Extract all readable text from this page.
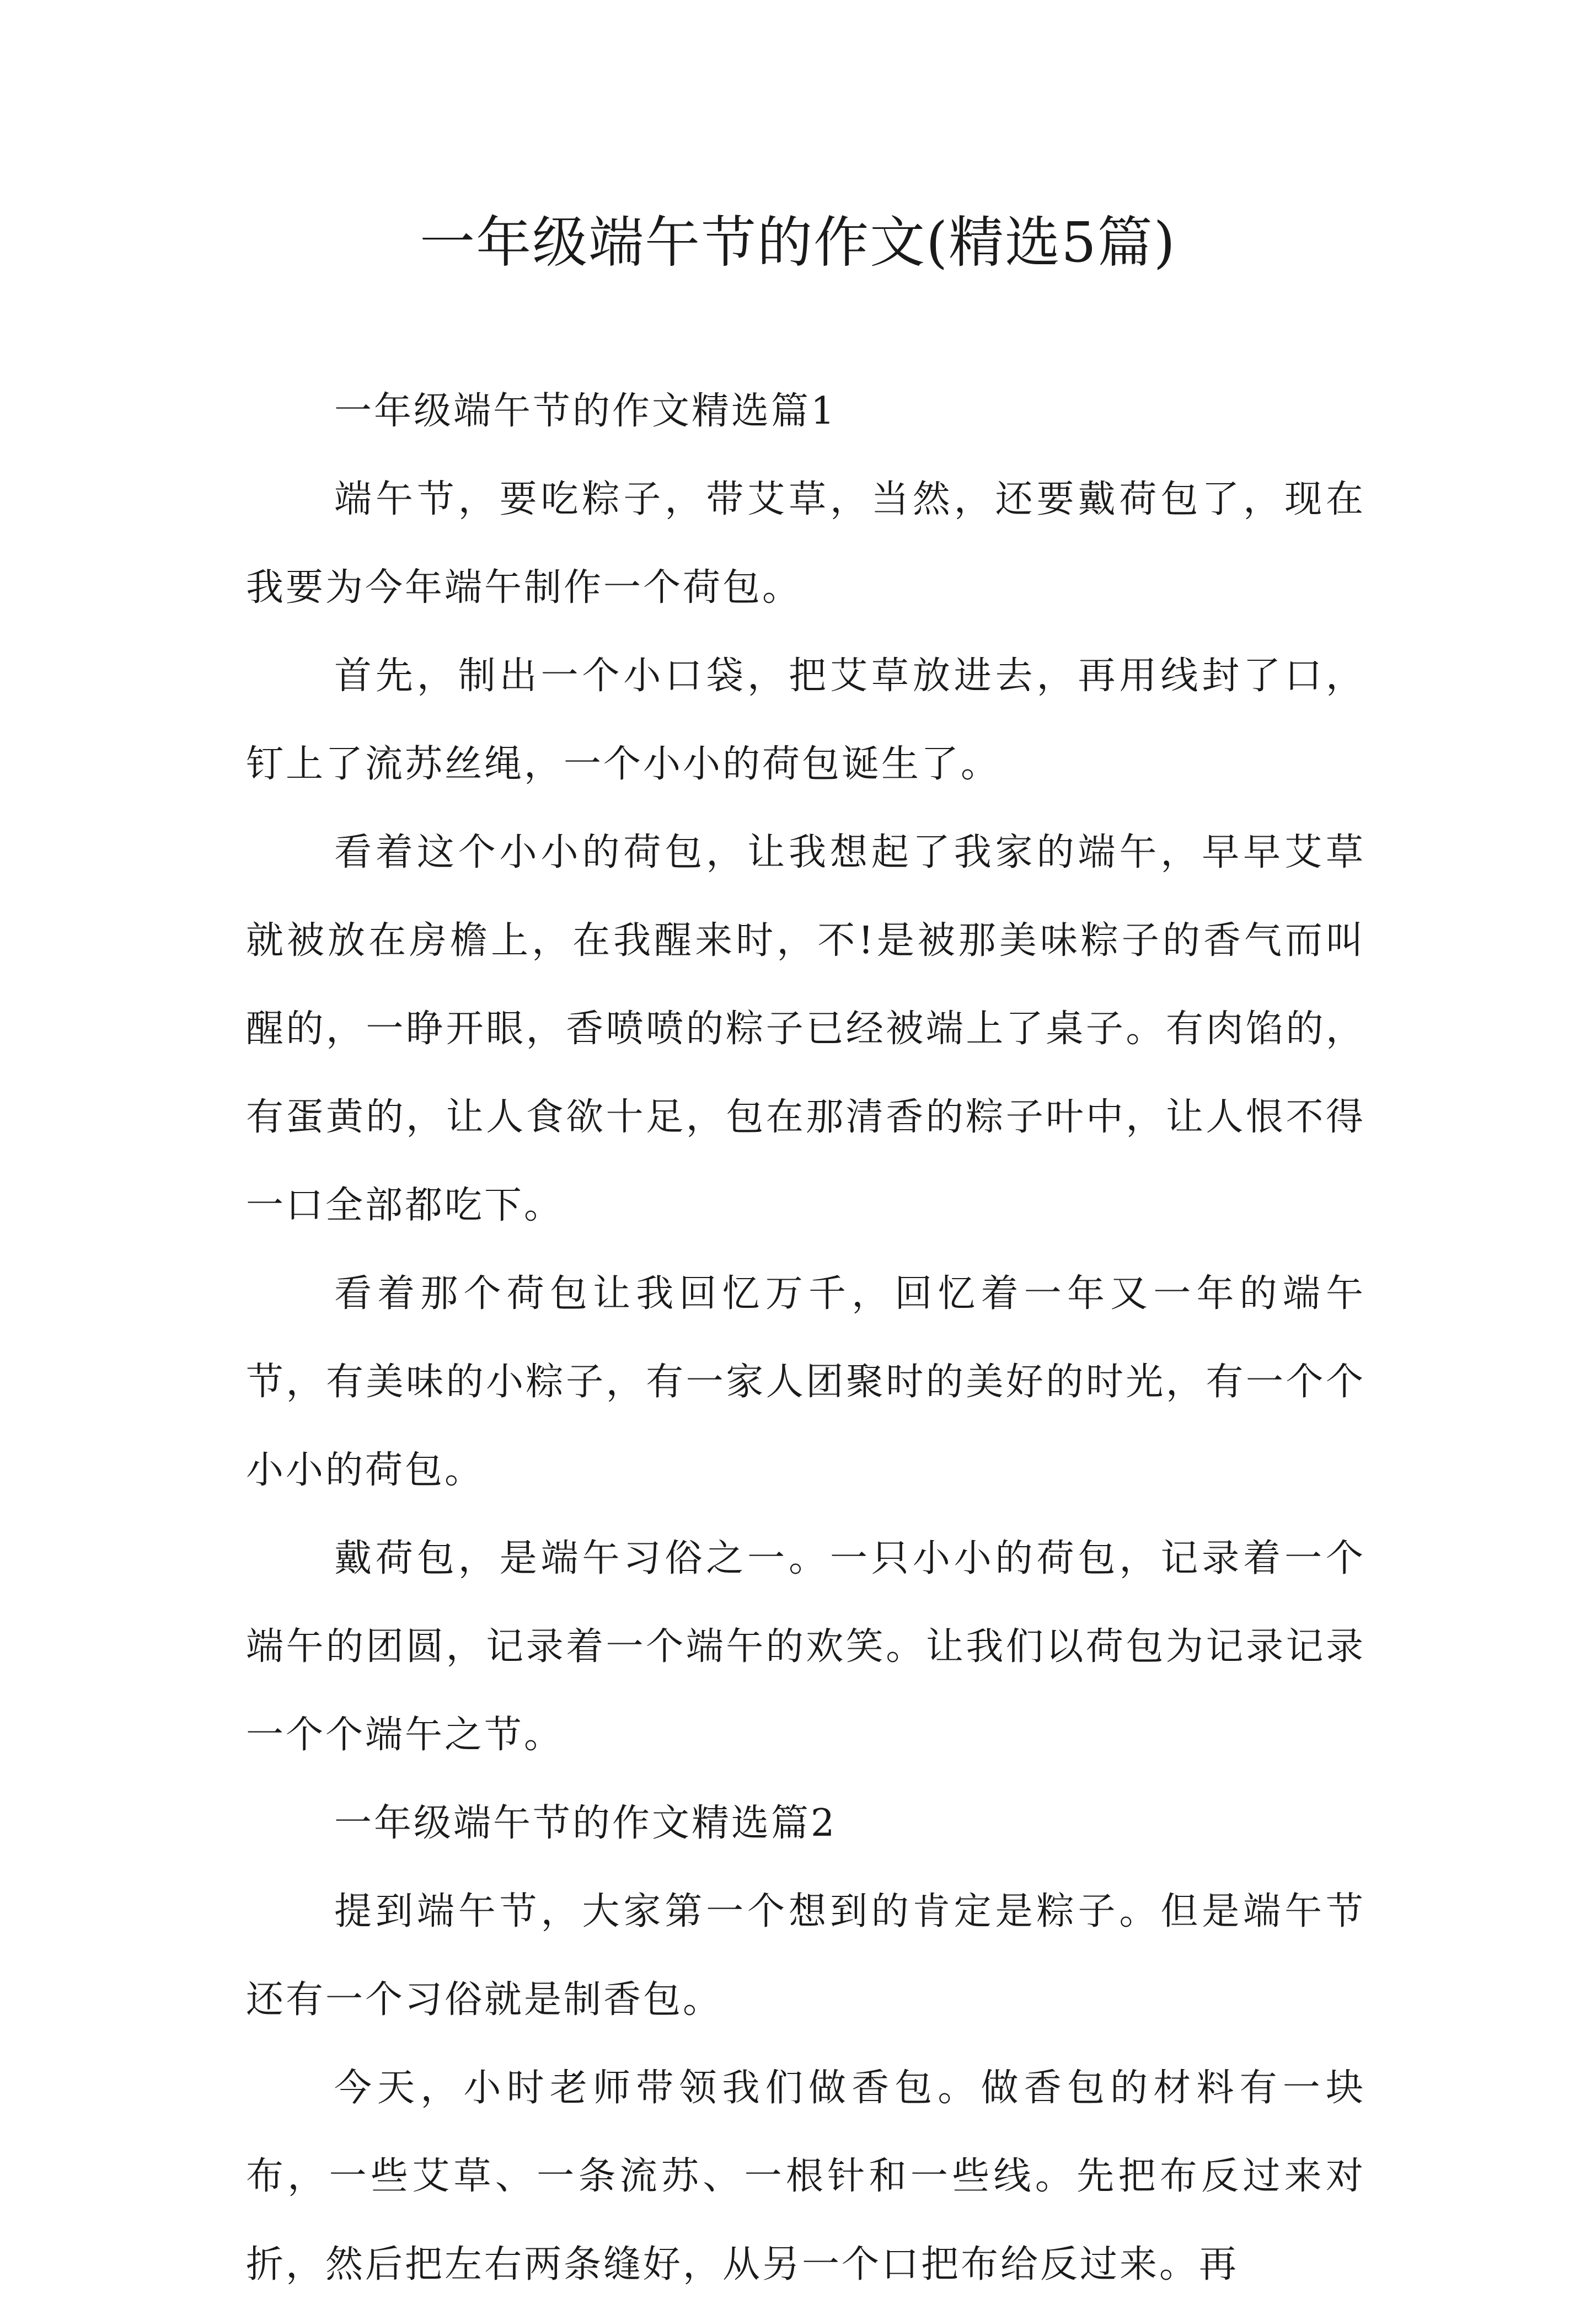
一年级端午节的作文(精选5篇)

一年级端午节的作文精选篇1

端午节，要吃粽子，带艾草，当然，还要戴荷包了，现在我要为今年端午制作一个荷包。

首先，制出一个小口袋，把艾草放进去，再用线封了口，钉上了流苏丝绳，一个小小的荷包诞生了。

看着这个小小的荷包，让我想起了我家的端午，早早艾草就被放在房檐上，在我醒来时，不!是被那美味粽子的香气而叫醒的，一睁开眼，香喷喷的粽子已经被端上了桌子。有肉馅的，有蛋黄的，让人食欲十足，包在那清香的粽子叶中，让人恨不得一口全部都吃下。

看着那个荷包让我回忆万千，回忆着一年又一年的端午节，有美味的小粽子，有一家人团聚时的美好的时光，有一个个小小的荷包。

戴荷包，是端午习俗之一。一只小小的荷包，记录着一个端午的团圆，记录着一个端午的欢笑。让我们以荷包为记录记录一个个端午之节。

一年级端午节的作文精选篇2

提到端午节，大家第一个想到的肯定是粽子。但是端午节还有一个习俗就是制香包。

今天，小时老师带领我们做香包。做香包的材料有一块布，一些艾草、一条流苏、一根针和一些线。先把布反过来对折，然后把左右两条缝好，从另一个口把布给反过来。再
